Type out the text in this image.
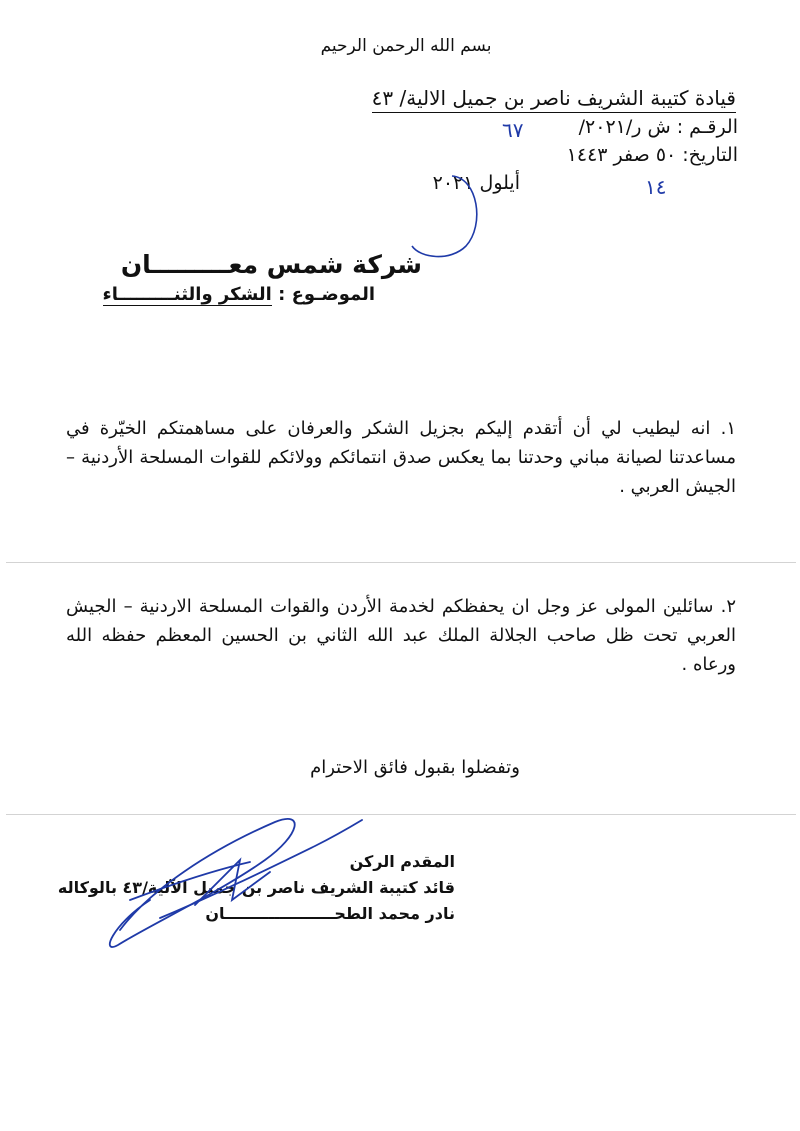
بسم الله الرحمن الرحيم
قيادة كتيبة الشريف ناصر بن جميل الالية/ ٤٣
الرقـم : ش ر/٢٠٢١/
التاريخ: ٥٠ صفر ١٤٤٣
أيلول ٢٠٢١
٦٧
١٤
شركة شمس معـــــــــان
الموضـوع : الشكر والثنـــــــــاء
١. انه ليطيب لي أن أتقدم إليكم بجزيل الشكر والعرفان على مساهمتكم الخيّرة في مساعدتنا لصيانة مباني وحدتنا بما يعكس صدق انتمائكم وولائكم للقوات المسلحة الأردنية – الجيش العربي .
٢. سائلين المولى عز وجل ان يحفظكم لخدمة الأردن والقوات المسلحة الاردنية – الجيش العربي تحت ظل صاحب الجلالة الملك عبد الله الثاني بن الحسين المعظم حفظه الله ورعاه .
وتفضلوا بقبول فائق الاحترام
المقدم الركن
قائد كتيبة الشريف ناصر بن جميل الآلية/٤٣ بالوكاله
نادر محمد الطحــــــــــــــــــــان
